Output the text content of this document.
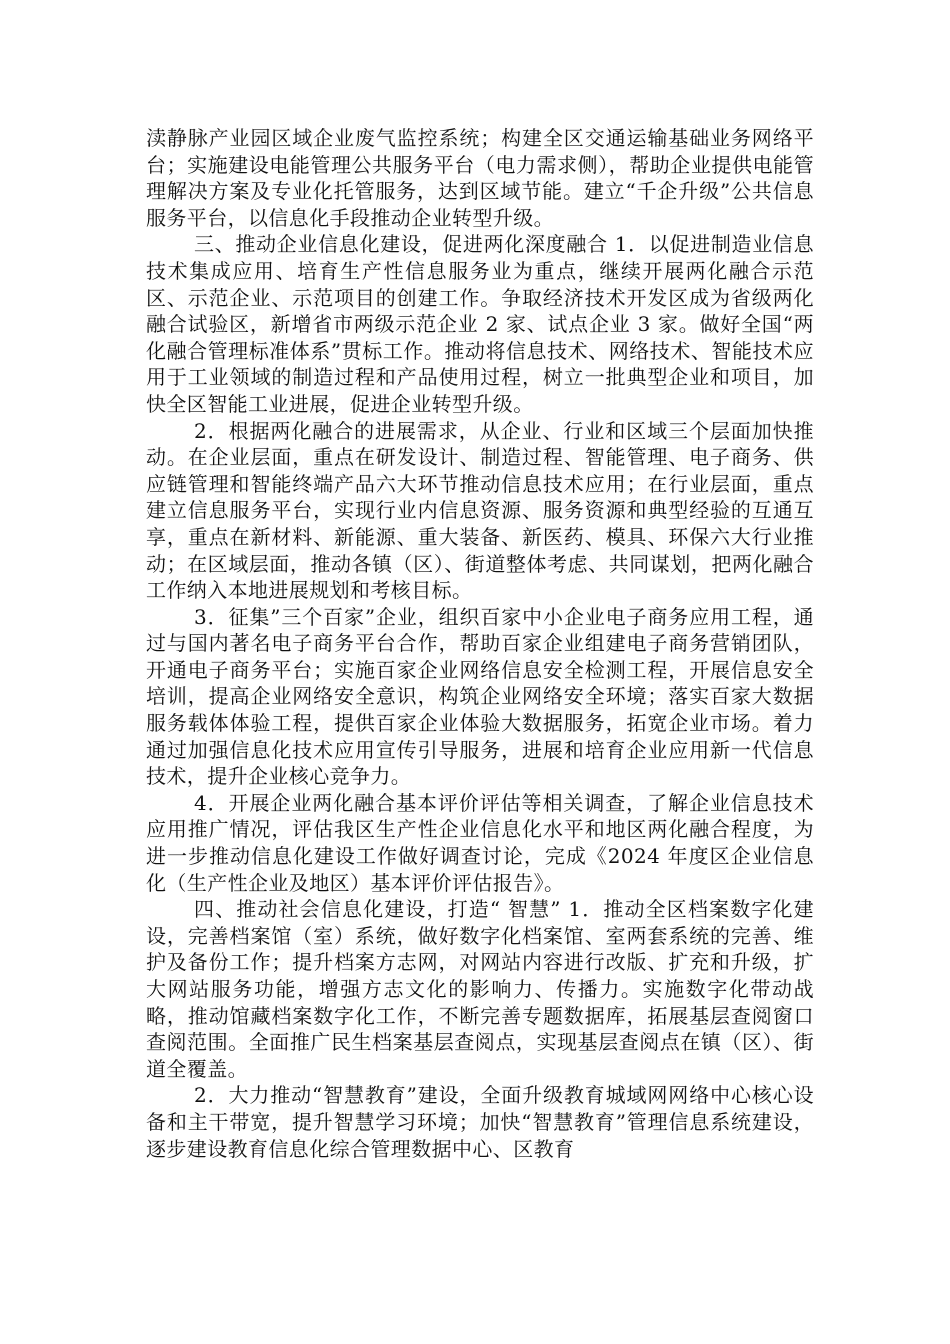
渎静脉产业园区域企业废气监控系统；构建全区交通运输基础业务网络平台；实施建设电能管理公共服务平台（电力需求侧），帮助企业提供电能管理解决方案及专业化托管服务，达到区域节能。建立“千企升级”公共信息服务平台，以信息化手段推动企业转型升级。

三、推动企业信息化建设，促进两化深度融合 1．以促进制造业信息技术集成应用、培育生产性信息服务业为重点，继续开展两化融合示范区、示范企业、示范项目的创建工作。争取经济技术开发区成为省级两化融合试验区，新增省市两级示范企业 2 家、试点企业 3 家。做好全国“两化融合管理标准体系”贯标工作。推动将信息技术、网络技术、智能技术应用于工业领域的制造过程和产品使用过程，树立一批典型企业和项目，加快全区智能工业进展，促进企业转型升级。

2．根据两化融合的进展需求，从企业、行业和区域三个层面加快推动。在企业层面，重点在研发设计、制造过程、智能管理、电子商务、供应链管理和智能终端产品六大环节推动信息技术应用；在行业层面，重点建立信息服务平台，实现行业内信息资源、服务资源和典型经验的互通互享，重点在新材料、新能源、重大装备、新医药、模具、环保六大行业推动；在区域层面，推动各镇（区）、街道整体考虑、共同谋划，把两化融合工作纳入本地进展规划和考核目标。

3．征集”三个百家”企业，组织百家中小企业电子商务应用工程，通过与国内著名电子商务平台合作，帮助百家企业组建电子商务营销团队，开通电子商务平台；实施百家企业网络信息安全检测工程，开展信息安全培训，提高企业网络安全意识，构筑企业网络安全环境；落实百家大数据服务载体体验工程，提供百家企业体验大数据服务，拓宽企业市场。着力通过加强信息化技术应用宣传引导服务，进展和培育企业应用新一代信息技术，提升企业核心竞争力。

4．开展企业两化融合基本评价评估等相关调查，了解企业信息技术应用推广情况，评估我区生产性企业信息化水平和地区两化融合程度，为进一步推动信息化建设工作做好调查讨论，完成《2024 年度区企业信息化（生产性企业及地区）基本评价评估报告》。

四、推动社会信息化建设，打造“ 智慧” 1．推动全区档案数字化建设，完善档案馆（室）系统，做好数字化档案馆、室两套系统的完善、维护及备份工作；提升档案方志网，对网站内容进行改版、扩充和升级，扩大网站服务功能，增强方志文化的影响力、传播力。实施数字化带动战略，推动馆藏档案数字化工作，不断完善专题数据库，拓展基层查阅窗口查阅范围。全面推广民生档案基层查阅点，实现基层查阅点在镇（区）、街道全覆盖。

2．大力推动“智慧教育”建设，全面升级教育城域网网络中心核心设备和主干带宽，提升智慧学习环境；加快“智慧教育”管理信息系统建设，逐步建设教育信息化综合管理数据中心、区教育
